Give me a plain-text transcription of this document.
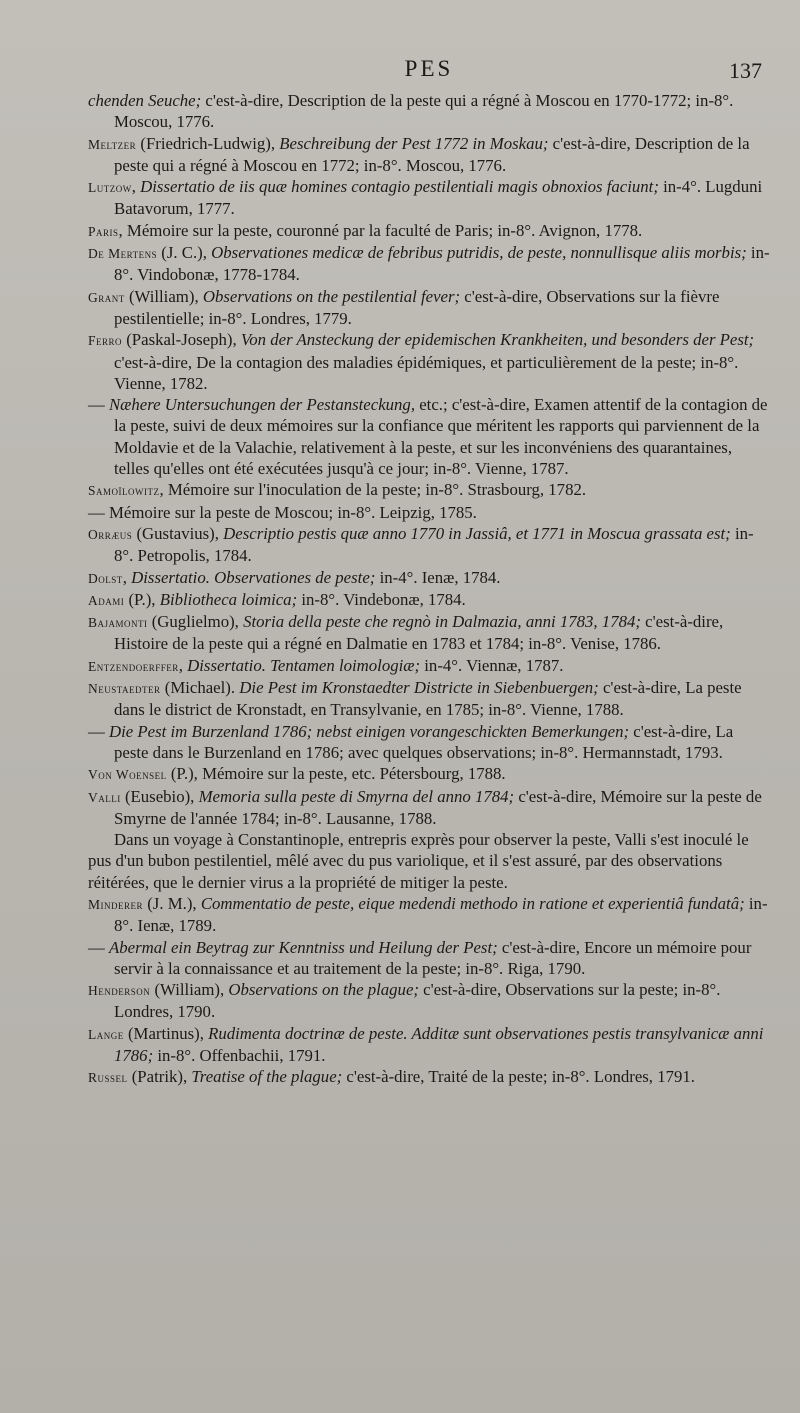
PES	137

chenden Seuche; c'est-à-dire, Description de la peste qui a régné à Moscou en 1770-1772; in-8°. Moscou, 1776.

Meltzer (Friedrich-Ludwig), Beschreibung der Pest 1772 in Moskau; c'est-à-dire, Description de la peste qui a régné à Moscou en 1772; in-8°. Moscou, 1776.

Lutzow, Dissertatio de iis quæ homines contagio pestilentiali magis obnoxios faciunt; in-4°. Lugduni Batavorum, 1777.

Paris, Mémoire sur la peste, couronné par la faculté de Paris; in-8°. Avignon, 1778.

De Mertens (J. C.), Observationes medicæ de febribus putridis, de peste, nonnullisque aliis morbis; in-8°. Vindobonæ, 1778-1784.

Grant (William), Observations on the pestilential fever; c'est-à-dire, Observations sur la fièvre pestilentielle; in-8°. Londres, 1779.

Ferro (Paskal-Joseph), Von der Ansteckung der epidemischen Krankheiten, und besonders der Pest; c'est-à-dire, De la contagion des maladies épidémiques, et particulièrement de la peste; in-8°. Vienne, 1782.

— Næhere Untersuchungen der Pestansteckung, etc.; c'est-à-dire, Examen attentif de la contagion de la peste, suivi de deux mémoires sur la confiance que méritent les rapports qui parviennent de la Moldavie et de la Valachie, relativement à la peste, et sur les inconvéniens des quarantaines, telles qu'elles ont été exécutées jusqu'à ce jour; in-8°. Vienne, 1787.

Samoïlowitz, Mémoire sur l'inoculation de la peste; in-8°. Strasbourg, 1782.

— Mémoire sur la peste de Moscou; in-8°. Leipzig, 1785.

Orræus (Gustavius), Descriptio pestis quæ anno 1770 in Jassiâ, et 1771 in Moscua grassata est; in-8°. Petropolis, 1784.

Dolst, Dissertatio. Observationes de peste; in-4°. Ienæ, 1784.

Adami (P.), Bibliotheca loimica; in-8°. Vindebonæ, 1784.

Bajamonti (Guglielmo), Storia della peste che regnò in Dalmazia, anni 1783, 1784; c'est-à-dire, Histoire de la peste qui a régné en Dalmatie en 1783 et 1784; in-8°. Venise, 1786.

Entzendoerffer, Dissertatio. Tentamen loimologiæ; in-4°. Viennæ, 1787.

Neustaedter (Michael). Die Pest im Kronstaedter Districte in Siebenbuergen; c'est-à-dire, La peste dans le district de Kronstadt, en Transylvanie, en 1785; in-8°. Vienne, 1788.

— Die Pest im Burzenland 1786; nebst einigen vorangeschickten Bemerkungen; c'est-à-dire, La peste dans le Burzenland en 1786; avec quelques observations; in-8°. Hermannstadt, 1793.

Von Woensel (P.), Mémoire sur la peste, etc. Pétersbourg, 1788.

Valli (Eusebio), Memoria sulla peste di Smyrna del anno 1784; c'est-à-dire, Mémoire sur la peste de Smyrne de l'année 1784; in-8°. Lausanne, 1788.

Dans un voyage à Constantinople, entrepris exprès pour observer la peste, Valli s'est inoculé le pus d'un bubon pestilentiel, mêlé avec du pus variolique, et il s'est assuré, par des observations réitérées, que le dernier virus a la propriété de mitiger la peste.

Minderer (J. M.), Commentatio de peste, eique medendi methodo in ratione et experientiâ fundatâ; in-8°. Ienæ, 1789.

— Abermal ein Beytrag zur Kenntniss und Heilung der Pest; c'est-à-dire, Encore un mémoire pour servir à la connaissance et au traitement de la peste; in-8°. Riga, 1790.

Henderson (William), Observations on the plague; c'est-à-dire, Observations sur la peste; in-8°. Londres, 1790.

Lange (Martinus), Rudimenta doctrinæ de peste. Additæ sunt observationes pestis transylvanicæ anni 1786; in-8°. Offenbachii, 1791.

Russel (Patrik), Treatise of the plague; c'est-à-dire, Traité de la peste; in-8°. Londres, 1791.
